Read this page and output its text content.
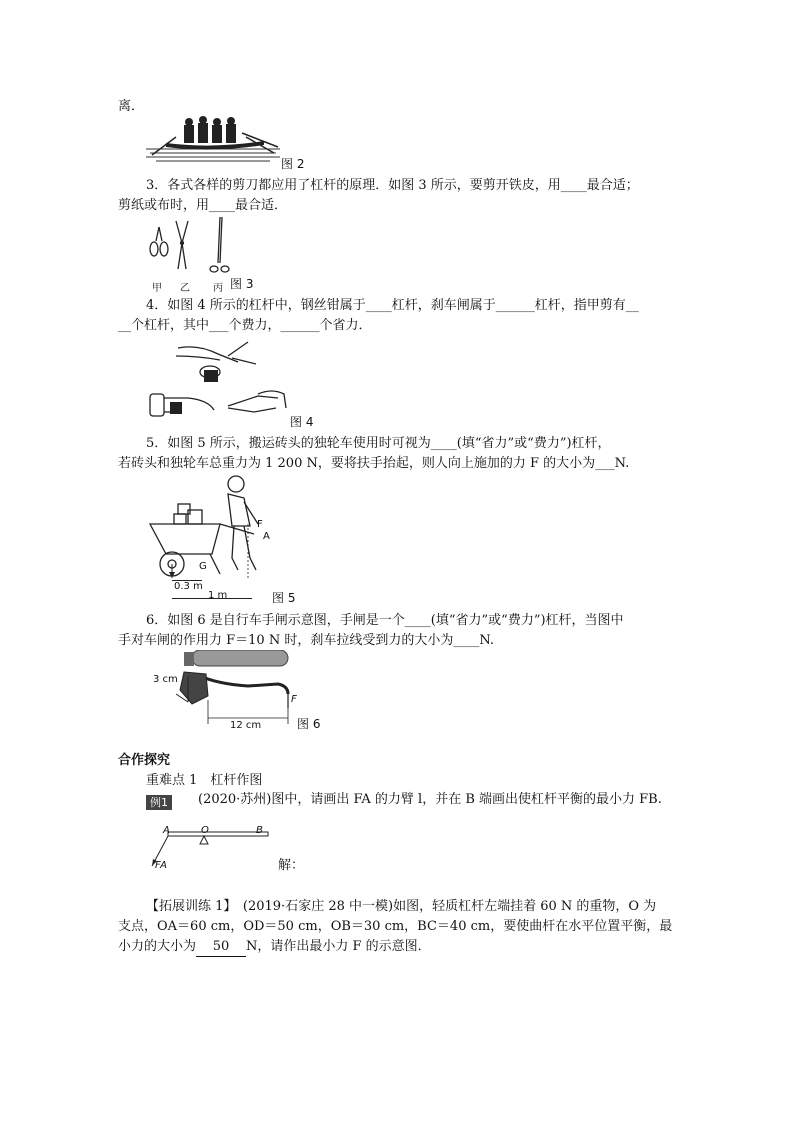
离．
图 2
3．各式各样的剪刀都应用了杠杆的原理．如图 3 所示，要剪开铁皮，用____最合适；
剪纸或布时，用____最合适．
甲 乙 丙 图 3
4．如图 4 所示的杠杆中，钢丝钳属于____杠杆，刹车闸属于______杠杆，指甲剪有__
__个杠杆，其中___个费力，______个省力．
图 4
5．如图 5 所示，搬运砖头的独轮车使用时可视为____(填“省力”或“费力”)杠杆，
若砖头和独轮车总重力为 1 200 N，要将扶手抬起，则人向上施加的力 F 的大小为___N.
G
F
A
0.3 m
1 m	图 5
6．如图 6 是自行车手闸示意图，手闸是一个____(填“省力”或“费力”)杠杆，当图中
手对车闸的作用力 F＝10 N 时，刹车拉线受到力的大小为____N.
3 cm
12 cm
F
图 6
合作探究
重难点 1　杠杆作图
例1	(2020·苏州)图中，请画出 FA 的力臂 l，并在 B 端画出使杠杆平衡的最小力 FB.
A	O	B
FA	解：
【拓展训练 1】　(2019·石家庄 28 中一模)如图，轻质杠杆左端挂着 60 N 的重物，O 为
支点，OA＝60 cm，OD＝50 cm，OB＝30 cm，BC＝40 cm，要使曲杆在水平位置平衡，最
小力的大小为 50 N，请作出最小力 F 的示意图．
